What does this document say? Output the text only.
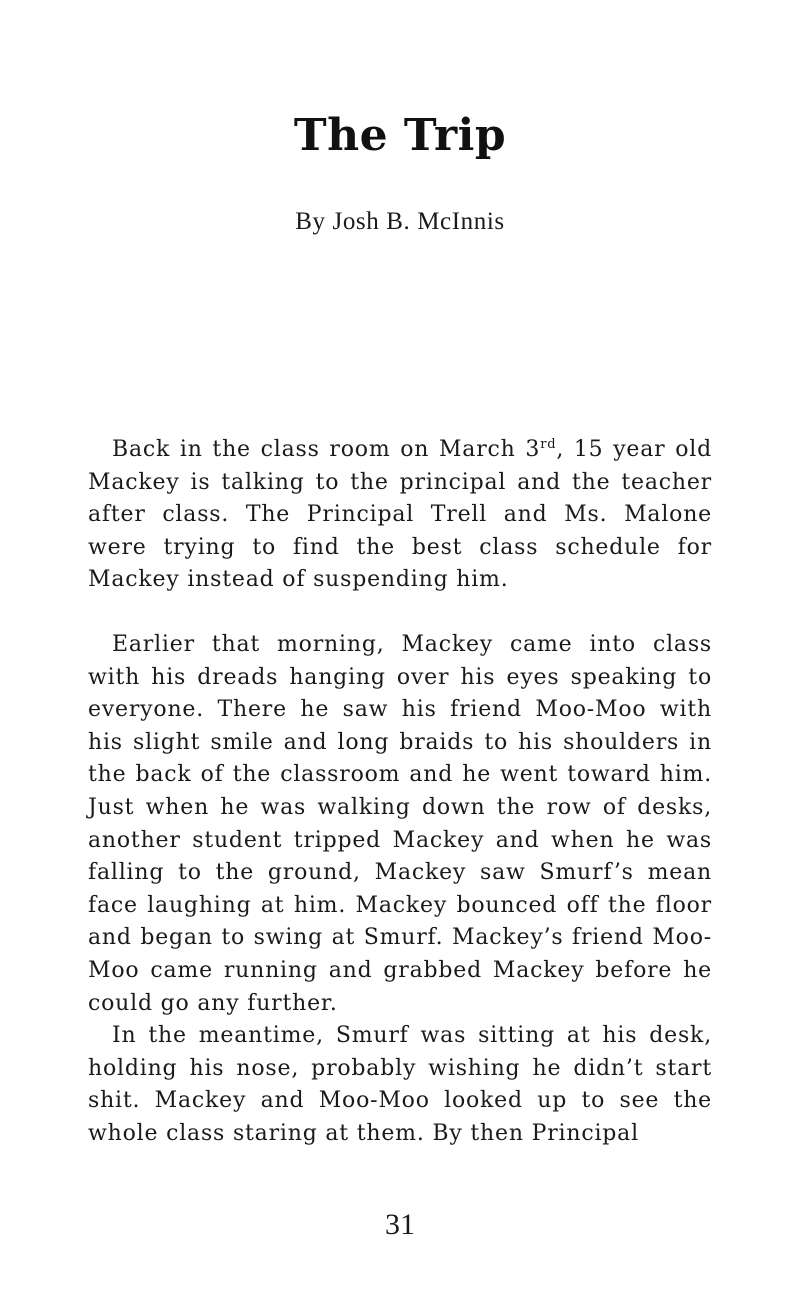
The Trip

By Josh B. McInnis

Back in the class room on March 3rd, 15 year old Mackey is talking to the principal and the teacher after class. The Principal Trell and Ms. Malone were trying to find the best class schedule for Mackey instead of suspending him.

Earlier that morning, Mackey came into class with his dreads hanging over his eyes speaking to everyone. There he saw his friend Moo-Moo with his slight smile and long braids to his shoulders in the back of the classroom and he went toward him. Just when he was walking down the row of desks, another student tripped Mackey and when he was falling to the ground, Mackey saw Smurf’s mean face laughing at him. Mackey bounced off the floor and began to swing at Smurf. Mackey’s friend Moo-Moo came running and grabbed Mackey before he could go any further.

In the meantime, Smurf was sitting at his desk, holding his nose, probably wishing he didn’t start shit. Mackey and Moo-Moo looked up to see the whole class staring at them. By then Principal

31
